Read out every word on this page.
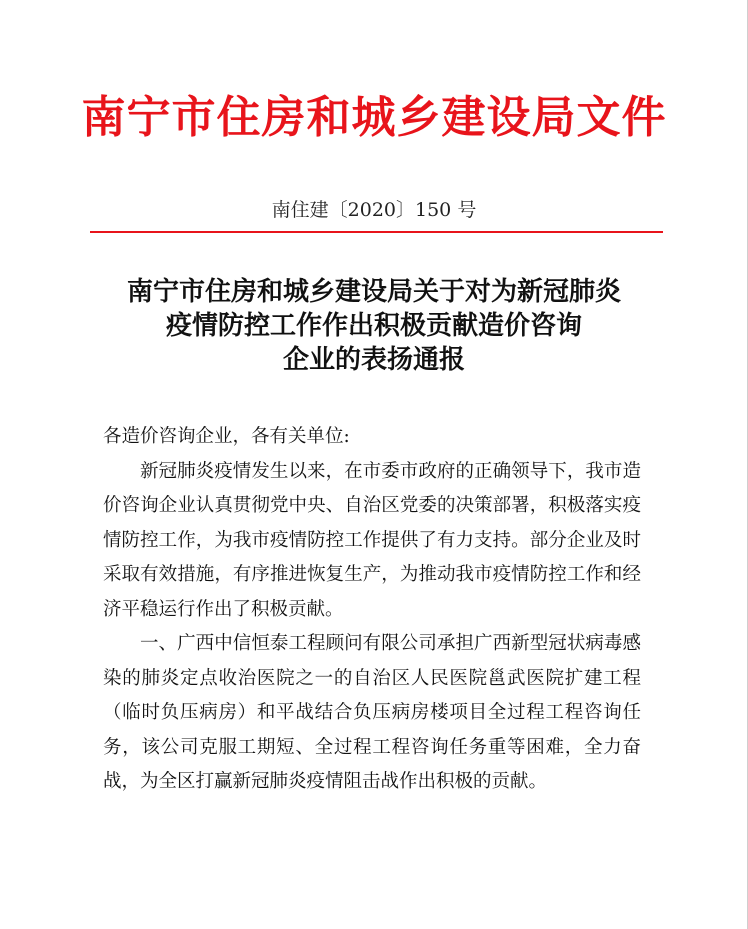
南宁市住房和城乡建设局文件
南住建〔2020〕150 号
南宁市住房和城乡建设局关于对为新冠肺炎
疫情防控工作作出积极贡献造价咨询
企业的表扬通报

各造价咨询企业，各有关单位:

新冠肺炎疫情发生以来，在市委市政府的正确领导下，我市造价咨询企业认真贯彻党中央、自治区党委的决策部署，积极落实疫情防控工作，为我市疫情防控工作提供了有力支持。部分企业及时采取有效措施，有序推进恢复生产，为推动我市疫情防控工作和经济平稳运行作出了积极贡献。

一、广西中信恒泰工程顾问有限公司承担广西新型冠状病毒感染的肺炎定点收治医院之一的自治区人民医院邕武医院扩建工程（临时负压病房）和平战结合负压病房楼项目全过程工程咨询任务，该公司克服工期短、全过程工程咨询任务重等困难，全力奋战，为全区打赢新冠肺炎疫情阻击战作出积极的贡献。
